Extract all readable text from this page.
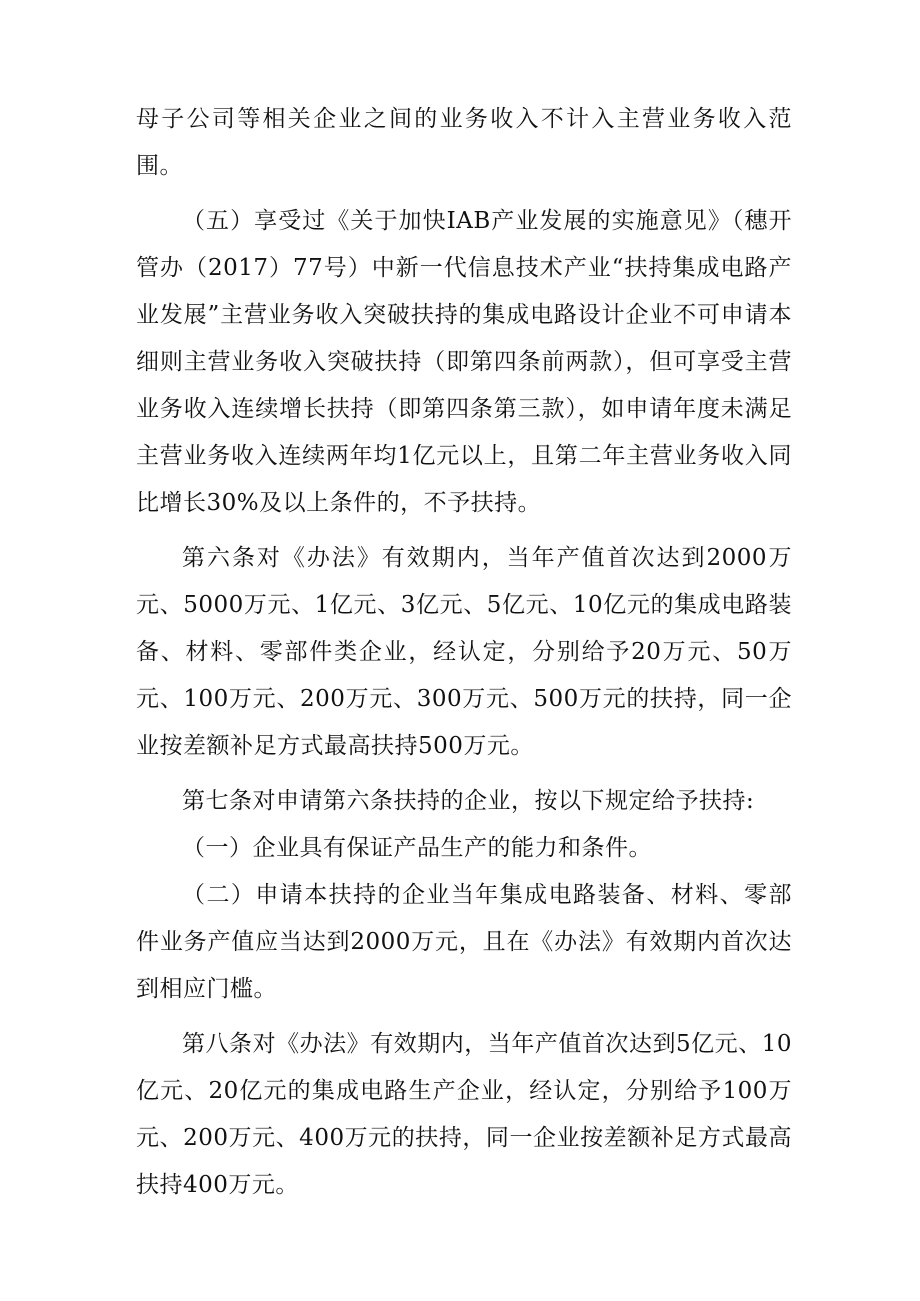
母子公司等相关企业之间的业务收入不计入主营业务收入范围。

（五）享受过《关于加快IAB产业发展的实施意见》（穗开管办（2017）77号）中新一代信息技术产业“扶持集成电路产业发展”主营业务收入突破扶持的集成电路设计企业不可申请本细则主营业务收入突破扶持（即第四条前两款），但可享受主营业务收入连续增长扶持（即第四条第三款），如申请年度未满足主营业务收入连续两年均1亿元以上，且第二年主营业务收入同比增长30%及以上条件的，不予扶持。

第六条对《办法》有效期内，当年产值首次达到2000万元、5000万元、1亿元、3亿元、5亿元、10亿元的集成电路装备、材料、零部件类企业，经认定，分别给予20万元、50万元、100万元、200万元、300万元、500万元的扶持，同一企业按差额补足方式最高扶持500万元。

第七条对申请第六条扶持的企业，按以下规定给予扶持:

（一）企业具有保证产品生产的能力和条件。

（二）申请本扶持的企业当年集成电路装备、材料、零部件业务产值应当达到2000万元，且在《办法》有效期内首次达到相应门槛。

第八条对《办法》有效期内，当年产值首次达到5亿元、10亿元、20亿元的集成电路生产企业，经认定，分别给予100万元、200万元、400万元的扶持，同一企业按差额补足方式最高扶持400万元。
